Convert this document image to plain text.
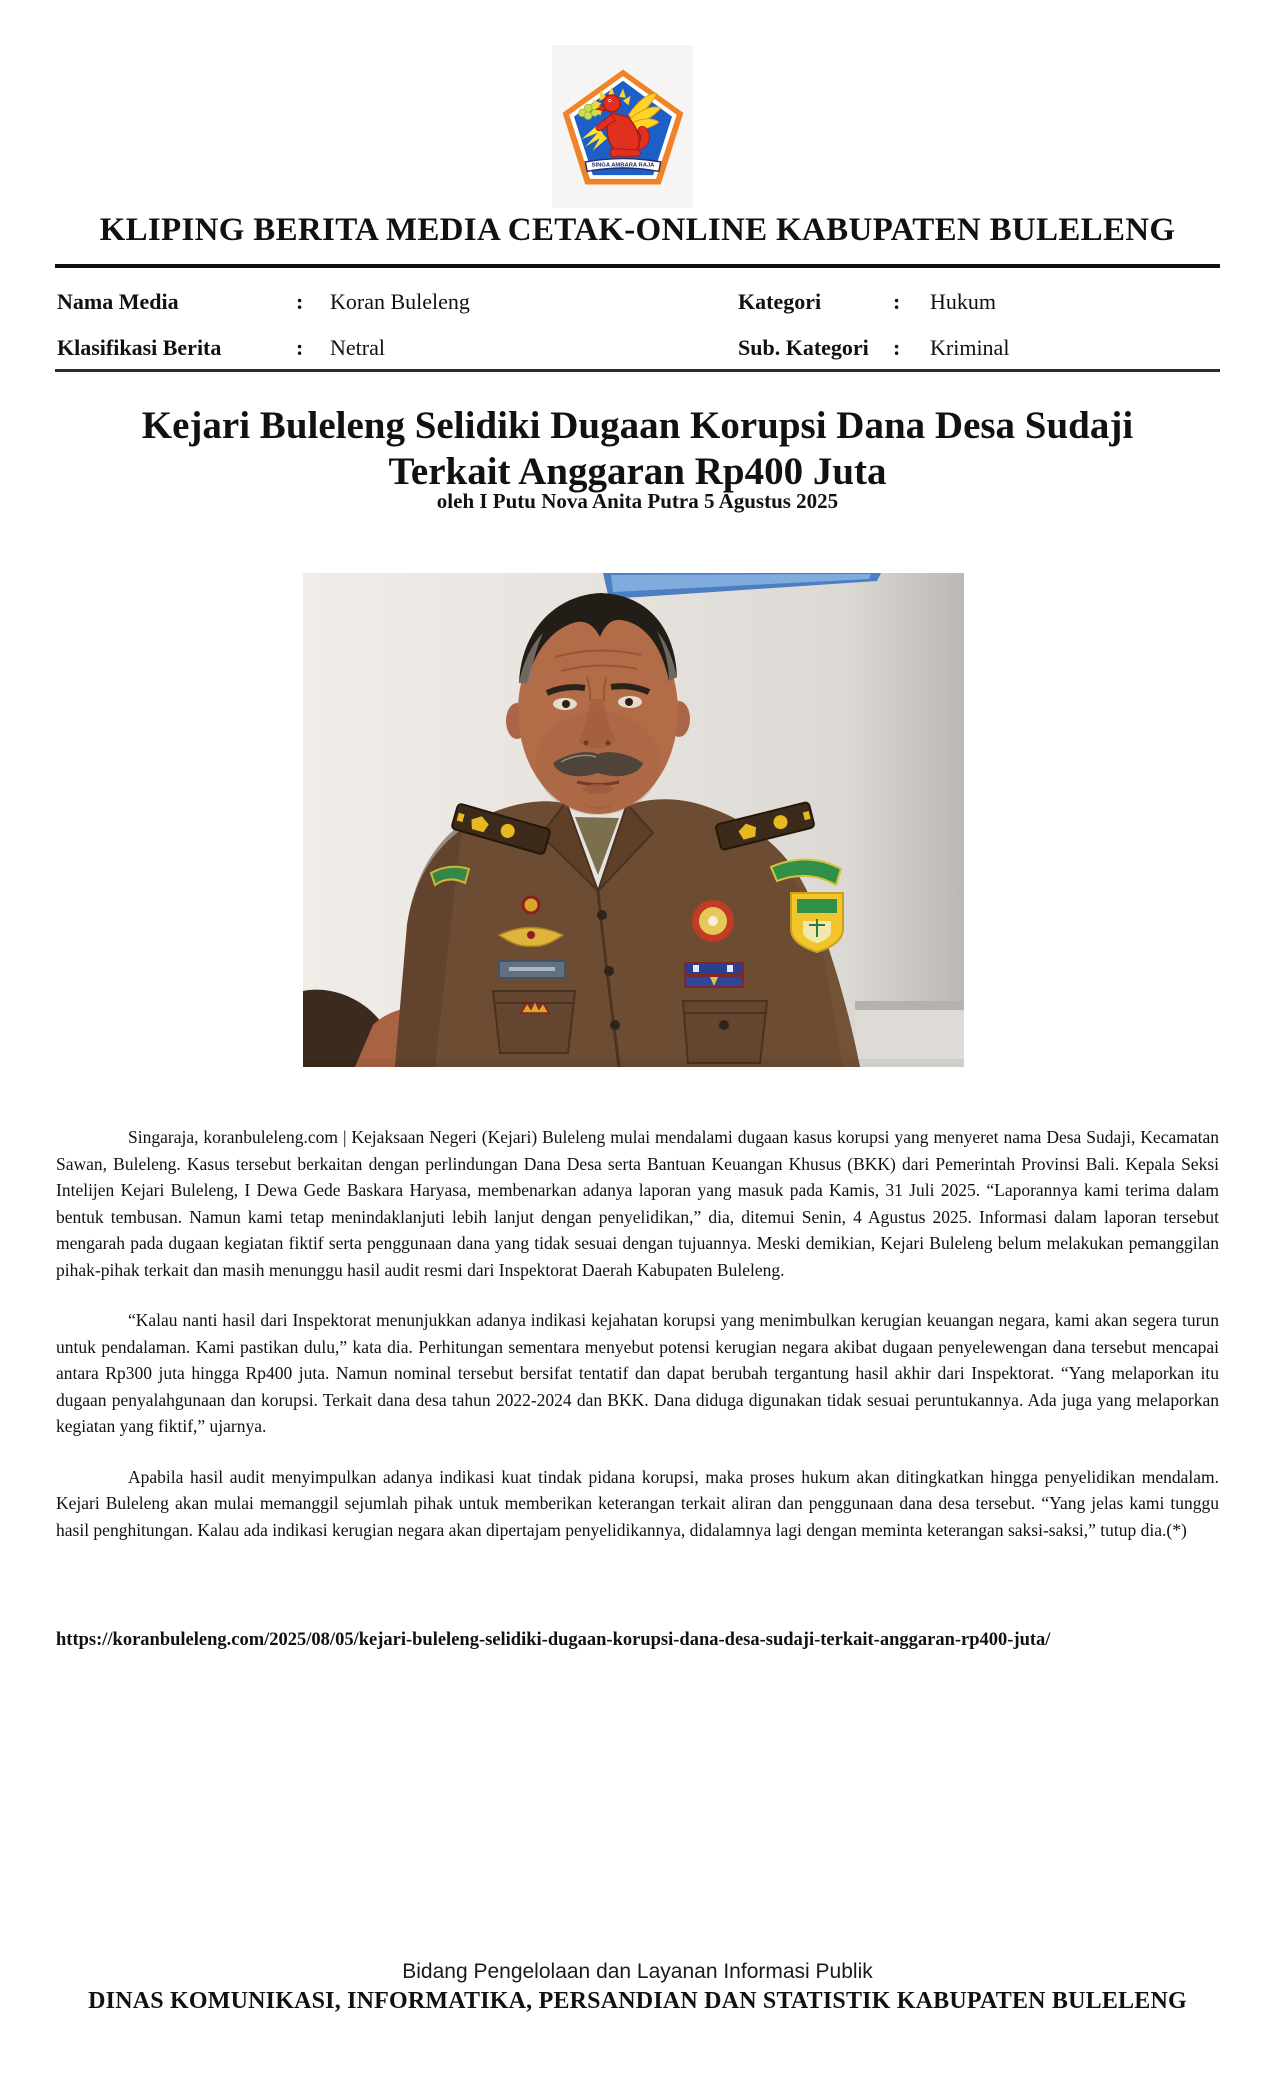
SINGA AMBARA RAJA
KLIPING BERITA MEDIA CETAK-ONLINE KABUPATEN BULELENG
Nama Media	: Koran Buleleng
Klasifikasi Berita	: Netral
Kategori	: Hukum
Sub. Kategori : Kriminal
Kejari Buleleng Selidiki Dugaan Korupsi Dana Desa Sudaji
Terkait Anggaran Rp400 Juta
oleh I Putu Nova Anita Putra 5 Agustus 2025

Singaraja, koranbuleleng.com | Kejaksaan Negeri (Kejari) Buleleng mulai mendalami dugaan kasus korupsi yang menyeret nama Desa Sudaji, Kecamatan Sawan, Buleleng. Kasus tersebut berkaitan dengan perlindungan Dana Desa serta Bantuan Keuangan Khusus (BKK) dari Pemerintah Provinsi Bali. Kepala Seksi Intelijen Kejari Buleleng, I Dewa Gede Baskara Haryasa, membenarkan adanya laporan yang masuk pada Kamis, 31 Juli 2025. “Laporannya kami terima dalam bentuk tembusan. Namun kami tetap menindaklanjuti lebih lanjut dengan penyelidikan,” dia, ditemui Senin, 4 Agustus 2025. Informasi dalam laporan tersebut mengarah pada dugaan kegiatan fiktif serta penggunaan dana yang tidak sesuai dengan tujuannya. Meski demikian, Kejari Buleleng belum melakukan pemanggilan pihak-pihak terkait dan masih menunggu hasil audit resmi dari Inspektorat Daerah Kabupaten Buleleng.

“Kalau nanti hasil dari Inspektorat menunjukkan adanya indikasi kejahatan korupsi yang menimbulkan kerugian keuangan negara, kami akan segera turun untuk pendalaman. Kami pastikan dulu,” kata dia. Perhitungan sementara menyebut potensi kerugian negara akibat dugaan penyelewengan dana tersebut mencapai antara Rp300 juta hingga Rp400 juta. Namun nominal tersebut bersifat tentatif dan dapat berubah tergantung hasil akhir dari Inspektorat. “Yang melaporkan itu dugaan penyalahgunaan dan korupsi. Terkait dana desa tahun 2022-2024 dan BKK. Dana diduga digunakan tidak sesuai peruntukannya. Ada juga yang melaporkan kegiatan yang fiktif,” ujarnya.

Apabila hasil audit menyimpulkan adanya indikasi kuat tindak pidana korupsi, maka proses hukum akan ditingkatkan hingga penyelidikan mendalam. Kejari Buleleng akan mulai memanggil sejumlah pihak untuk memberikan keterangan terkait aliran dan penggunaan dana desa tersebut. “Yang jelas kami tunggu hasil penghitungan. Kalau ada indikasi kerugian negara akan dipertajam penyelidikannya, didalamnya lagi dengan meminta keterangan saksi-saksi,” tutup dia.(*)

https://koranbuleleng.com/2025/08/05/kejari-buleleng-selidiki-dugaan-korupsi-dana-desa-sudaji-terkait-anggaran-rp400-juta/
Bidang Pengelolaan dan Layanan Informasi Publik
DINAS KOMUNIKASI, INFORMATIKA, PERSANDIAN DAN STATISTIK KABUPATEN BULELENG
